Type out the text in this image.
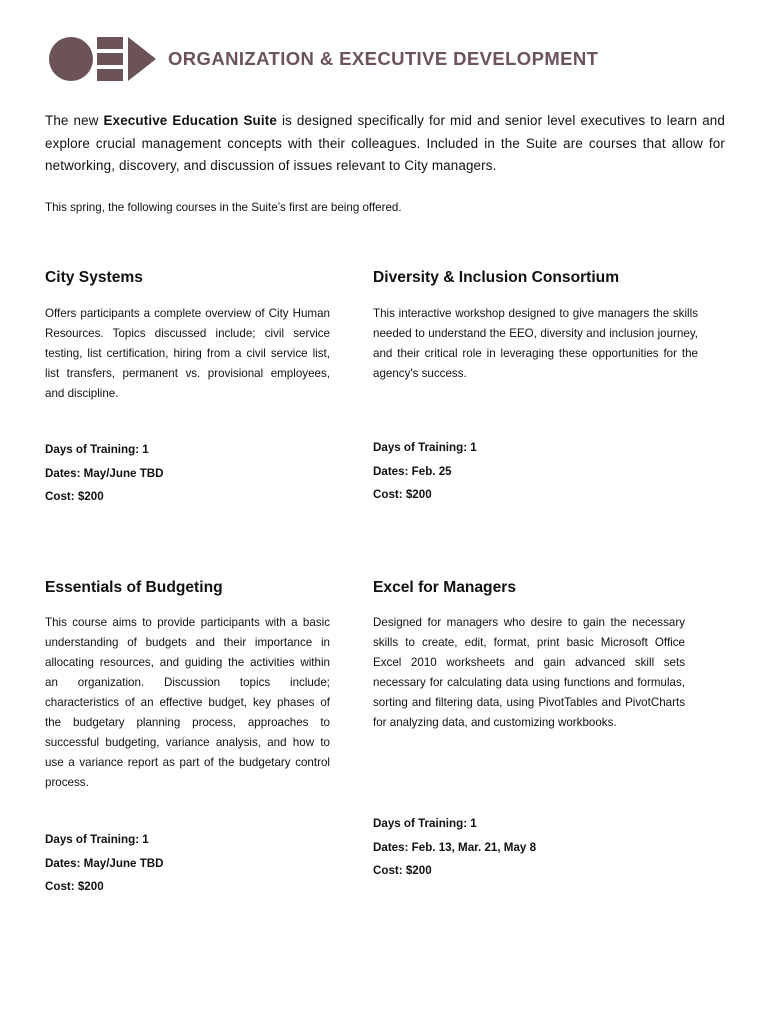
ORGANIZATION & EXECUTIVE DEVELOPMENT
The new Executive Education Suite is designed specifically for mid and senior level executives to learn and explore crucial management concepts with their colleagues. Included in the Suite are courses that allow for networking, discovery, and discussion of issues relevant to City managers.
This spring, the following courses in the Suite’s first are being offered.
City Systems
Offers participants a complete overview of City Human Resources. Topics discussed include; civil service testing, list certification, hiring from a civil service list, list transfers, permanent vs. provisional employees, and discipline.
Days of Training: 1
Dates: May/June TBD
Cost: $200
Diversity & Inclusion Consortium
This interactive workshop designed to give managers the skills needed to understand the EEO, diversity and inclusion journey, and their critical role in leveraging these opportunities for the agency's success.
Days of Training: 1
Dates: Feb. 25
Cost: $200
Essentials of Budgeting
This course aims to provide participants with a basic understanding of budgets and their importance in allocating resources, and guiding the activities within an organization. Discussion topics include; characteristics of an effective budget, key phases of the budgetary planning process, approaches to successful budgeting, variance analysis, and how to use a variance report as part of the budgetary control process.
Days of Training: 1
Dates: May/June TBD
Cost: $200
Excel for Managers
Designed for managers who desire to gain the necessary skills to create, edit, format, print basic Microsoft Office Excel 2010 worksheets and gain advanced skill sets necessary for calculating data using functions and formulas, sorting and filtering data, using PivotTables and PivotCharts for analyzing data, and customizing workbooks.
Days of Training: 1
Dates: Feb. 13, Mar. 21, May 8
Cost: $200
